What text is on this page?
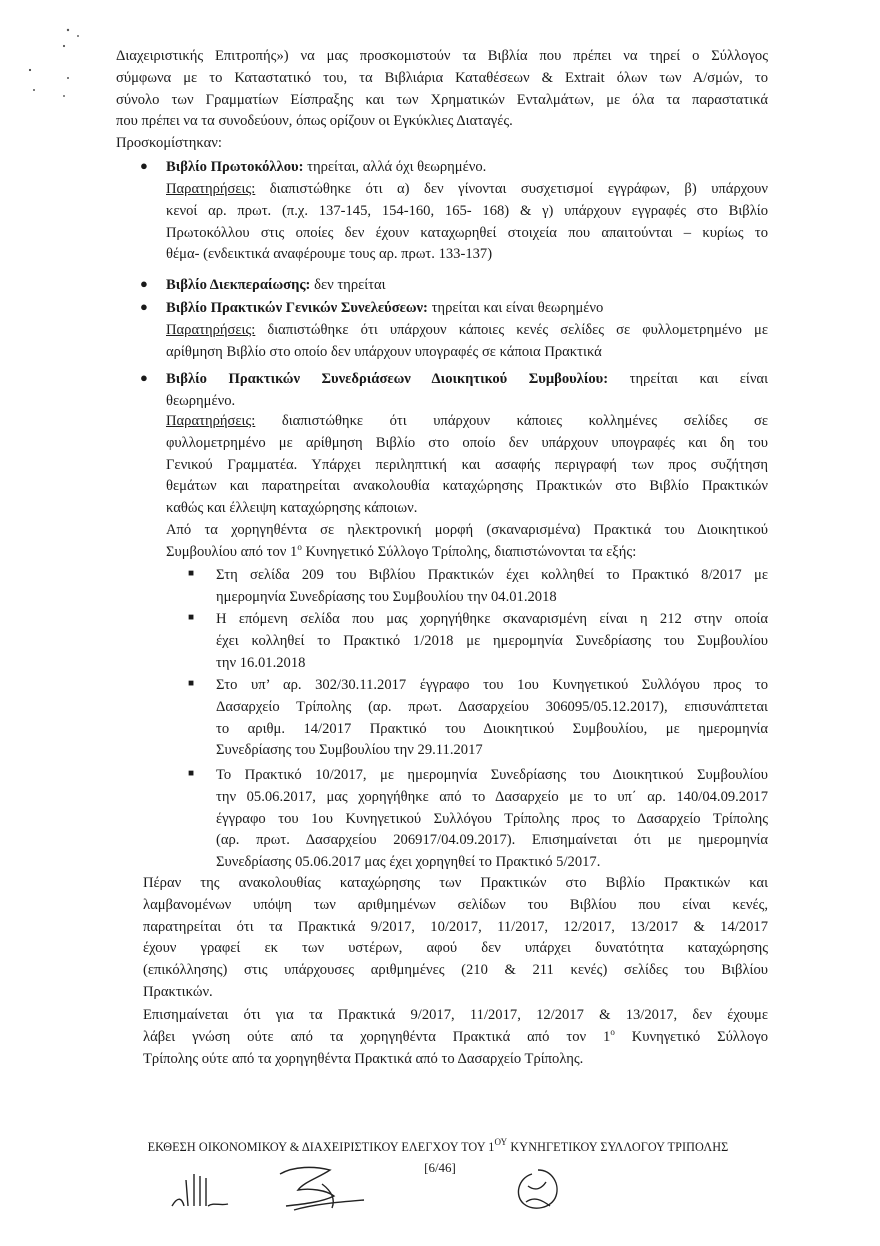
Διαχειριστικής Επιτροπής») να μας προσκομιστούν τα Βιβλία που πρέπει να τηρεί ο Σύλλογος
σύμφωνα με το Καταστατικό του, τα Βιβλιάρια Καταθέσεων & Extrait όλων των Α/σμών, το
σύνολο των Γραμματίων Είσπραξης και των Χρηματικών Ενταλμάτων, με όλα τα παραστατικά
που πρέπει να τα συνοδεύουν, όπως ορίζουν οι Εγκύκλιες Διαταγές.
Προσκομίστηκαν:
● Βιβλίο Πρωτοκόλλου: τηρείται, αλλά όχι θεωρημένο.
Παρατηρήσεις: διαπιστώθηκε ότι α) δεν γίνονται συσχετισμοί εγγράφων, β) υπάρχουν
κενοί αρ. πρωτ. (π.χ. 137-145, 154-160, 165- 168) & γ) υπάρχουν εγγραφές στο Βιβλίο
Πρωτοκόλλου στις οποίες δεν έχουν καταχωρηθεί στοιχεία που απαιτούνται – κυρίως το
θέμα- (ενδεικτικά αναφέρουμε τους αρ. πρωτ. 133-137)
● Βιβλίο Διεκπεραίωσης: δεν τηρείται
● Βιβλίο Πρακτικών Γενικών Συνελεύσεων: τηρείται και είναι θεωρημένο
Παρατηρήσεις: διαπιστώθηκε ότι υπάρχουν κάποιες κενές σελίδες σε φυλλομετρημένο με
αρίθμηση Βιβλίο στο οποίο δεν υπάρχουν υπογραφές σε κάποια Πρακτικά
● Βιβλίο Πρακτικών Συνεδριάσεων Διοικητικού Συμβουλίου: τηρείται και είναι
θεωρημένο.
Παρατηρήσεις: διαπιστώθηκε ότι υπάρχουν κάποιες κολλημένες σελίδες σε
φυλλομετρημένο με αρίθμηση Βιβλίο στο οποίο δεν υπάρχουν υπογραφές και δη του
Γενικού Γραμματέα. Υπάρχει περιληπτική και ασαφής περιγραφή των προς συζήτηση
θεμάτων και παρατηρείται ανακολουθία καταχώρησης Πρακτικών στο Βιβλίο Πρακτικών
καθώς και έλλειψη καταχώρησης κάποιων.
Από τα χορηγηθέντα σε ηλεκτρονική μορφή (σκαναρισμένα) Πρακτικά του Διοικητικού
Συμβουλίου από τον $1^o$ Κυνηγετικό Σύλλογο Τρίπολης, διαπιστώνονται τα εξής:
■ Στη σελίδα 209 του Βιβλίου Πρακτικών έχει κολληθεί το Πρακτικό 8/2017 με
ημερομηνία Συνεδρίασης του Συμβουλίου την 04.01.2018
■ Η επόμενη σελίδα που μας χορηγήθηκε σκαναρισμένη είναι η 212 στην οποία
έχει κολληθεί το Πρακτικό 1/2018 με ημερομηνία Συνεδρίασης του Συμβουλίου
την 16.01.2018
■ Στο υπ’ αρ. 302/30.11.2017 έγγραφο του 1ου Κυνηγετικού Συλλόγου προς το
Δασαρχείο Τρίπολης (αρ. πρωτ. Δασαρχείου 306095/05.12.2017), επισυνάπτεται
το αριθμ. 14/2017 Πρακτικό του Διοικητικού Συμβουλίου, με ημερομηνία
Συνεδρίασης του Συμβουλίου την 29.11.2017
■ Το Πρακτικό 10/2017, με ημερομηνία Συνεδρίασης του Διοικητικού Συμβουλίου
την 05.06.2017, μας χορηγήθηκε από το Δασαρχείο με το υπ΄ αρ. 140/04.09.2017
έγγραφο του 1ου Κυνηγετικού Συλλόγου Τρίπολης προς το Δασαρχείο Τρίπολης
(αρ. πρωτ. Δασαρχείου 206917/04.09.2017). Επισημαίνεται ότι με ημερομηνία
Συνεδρίασης 05.06.2017 μας έχει χορηγηθεί το Πρακτικό 5/2017.
Πέραν της ανακολουθίας καταχώρησης των Πρακτικών στο Βιβλίο Πρακτικών και
λαμβανομένων υπόψη των αριθμημένων σελίδων του Βιβλίου που είναι κενές,
παρατηρείται ότι τα Πρακτικά 9/2017, 10/2017, 11/2017, 12/2017, 13/2017 & 14/2017
έχουν γραφεί εκ των υστέρων, αφού δεν υπάρχει δυνατότητα καταχώρησης
(επικόλλησης) στις υπάρχουσες αριθμημένες (210 & 211 κενές) σελίδες του Βιβλίου
Πρακτικών.
Επισημαίνεται ότι για τα Πρακτικά 9/2017, 11/2017, 12/2017 & 13/2017, δεν έχουμε
λάβει γνώση ούτε από τα χορηγηθέντα Πρακτικά από τον $1^o$ Κυνηγετικό Σύλλογο
Τρίπολης ούτε από τα χορηγηθέντα Πρακτικά από το Δασαρχείο Τρίπολης.
ΕΚΘΕΣΗ ΟΙΚΟΝΟΜΙΚΟΥ & ΔΙΑΧΕΙΡΙΣΤΙΚΟΥ ΕΛΕΓΧΟΥ ΤΟΥ $1^{O\Upsilon}$ ΚΥΝΗΓΕΤΙΚΟΥ ΣΥΛΛΟΓΟΥ ΤΡΙΠΟΛΗΣ
[6/46]
